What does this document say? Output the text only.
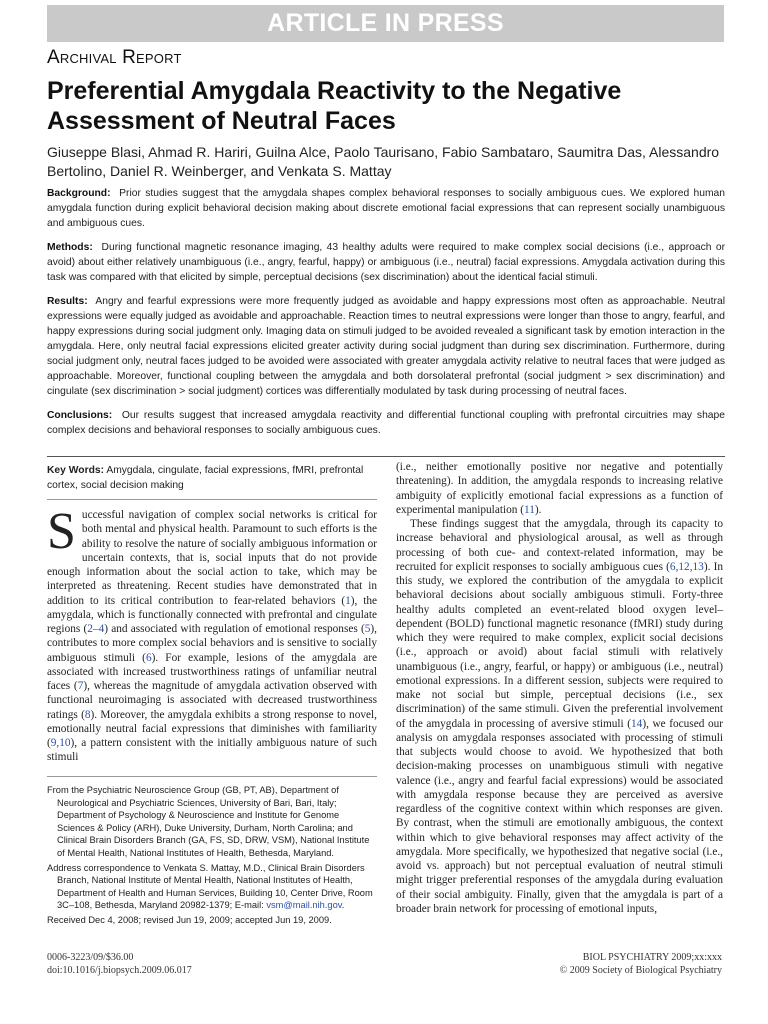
ARTICLE IN PRESS
Archival Report
Preferential Amygdala Reactivity to the Negative Assessment of Neutral Faces

Giuseppe Blasi, Ahmad R. Hariri, Guilna Alce, Paolo Taurisano, Fabio Sambataro, Saumitra Das, Alessandro Bertolino, Daniel R. Weinberger, and Venkata S. Mattay

Background: Prior studies suggest that the amygdala shapes complex behavioral responses to socially ambiguous cues. We explored human amygdala function during explicit behavioral decision making about discrete emotional facial expressions that can represent socially unambiguous and ambiguous cues.

Methods: During functional magnetic resonance imaging, 43 healthy adults were required to make complex social decisions (i.e., approach or avoid) about either relatively unambiguous (i.e., angry, fearful, happy) or ambiguous (i.e., neutral) facial expressions. Amygdala activation during this task was compared with that elicited by simple, perceptual decisions (sex discrimination) about the identical facial stimuli.

Results: Angry and fearful expressions were more frequently judged as avoidable and happy expressions most often as approachable. Neutral expressions were equally judged as avoidable and approachable. Reaction times to neutral expressions were longer than those to angry, fearful, and happy expressions during social judgment only. Imaging data on stimuli judged to be avoided revealed a significant task by emotion interaction in the amygdala. Here, only neutral facial expressions elicited greater activity during social judgment than during sex discrimination. Furthermore, during social judgment only, neutral faces judged to be avoided were associated with greater amygdala activity relative to neutral faces that were judged as approachable. Moreover, functional coupling between the amygdala and both dorsolateral prefrontal (social judgment > sex discrimination) and cingulate (sex discrimination > social judgment) cortices was differentially modulated by task during processing of neutral faces.

Conclusions: Our results suggest that increased amygdala reactivity and differential functional coupling with prefrontal circuitries may shape complex decisions and behavioral responses to socially ambiguous cues.

Key Words: Amygdala, cingulate, facial expressions, fMRI, prefrontal cortex, social decision making

Successful navigation of complex social networks is critical for both mental and physical health. Paramount to such efforts is the ability to resolve the nature of socially ambiguous information or uncertain contexts, that is, social inputs that do not provide enough information about the social action to take, which may be interpreted as threatening. Recent studies have demonstrated that in addition to its critical contribution to fear-related behaviors (1), the amygdala, which is functionally connected with prefrontal and cingulate regions (2–4) and associated with regulation of emotional responses (5), contributes to more complex social behaviors and is sensitive to socially ambiguous stimuli (6). For example, lesions of the amygdala are associated with increased trustworthiness ratings of unfamiliar neutral faces (7), whereas the magnitude of amygdala activation observed with functional neuroimaging is associated with decreased trustworthiness ratings (8). Moreover, the amygdala exhibits a strong response to novel, emotionally neutral facial expressions that diminishes with familiarity (9,10), a pattern consistent with the initially ambiguous nature of such stimuli

(i.e., neither emotionally positive nor negative and potentially threatening). In addition, the amygdala responds to increasing relative ambiguity of explicitly emotional facial expressions as a function of experimental manipulation (11).

These findings suggest that the amygdala, through its capacity to increase behavioral and physiological arousal, as well as through processing of both cue- and context-related information, may be recruited for explicit responses to socially ambiguous cues (6,12,13). In this study, we explored the contribution of the amygdala to explicit behavioral decisions about socially ambiguous stimuli. Forty-three healthy adults completed an event-related blood oxygen level–dependent (BOLD) functional magnetic resonance (fMRI) study during which they were required to make complex, explicit social decisions (i.e., approach or avoid) about facial stimuli with relatively unambiguous (i.e., angry, fearful, or happy) or ambiguous (i.e., neutral) emotional expressions. In a different session, subjects were required to make not social but simple, perceptual decisions (i.e., sex discrimination) of the same stimuli. Given the preferential involvement of the amygdala in processing of aversive stimuli (14), we focused our analysis on amygdala responses associated with processing of stimuli that subjects would choose to avoid. We hypothesized that both decision-making processes on unambiguous stimuli with negative valence (i.e., angry and fearful facial expressions) would be associated with amygdala response because they are perceived as aversive regardless of the cognitive context within which responses are given. By contrast, when the stimuli are emotionally ambiguous, the context within which to give behavioral responses may affect activity of the amygdala. More specifically, we hypothesized that negative social (i.e., avoid vs. approach) but not perceptual evaluation of neutral stimuli might trigger preferential responses of the amygdala during evaluation of their social ambiguity. Finally, given that the amygdala is part of a broader brain network for processing of emotional inputs,

From the Psychiatric Neuroscience Group (GB, PT, AB), Department of Neurological and Psychiatric Sciences, University of Bari, Bari, Italy; Department of Psychology & Neuroscience and Institute for Genome Sciences & Policy (ARH), Duke University, Durham, North Carolina; and Clinical Brain Disorders Branch (GA, FS, SD, DRW, VSM), National Institute of Mental Health, National Institutes of Health, Bethesda, Maryland.

Address correspondence to Venkata S. Mattay, M.D., Clinical Brain Disorders Branch, National Institute of Mental Health, National Institutes of Health, Department of Health and Human Services, Building 10, Center Drive, Room 3C–108, Bethesda, Maryland 20982-1379; E-mail: vsm@mail.nih.gov.

Received Dec 4, 2008; revised Jun 19, 2009; accepted Jun 19, 2009.

0006-3223/09/$36.00
doi:10.1016/j.biopsych.2009.06.017
BIOL PSYCHIATRY 2009;xx:xxx
© 2009 Society of Biological Psychiatry
